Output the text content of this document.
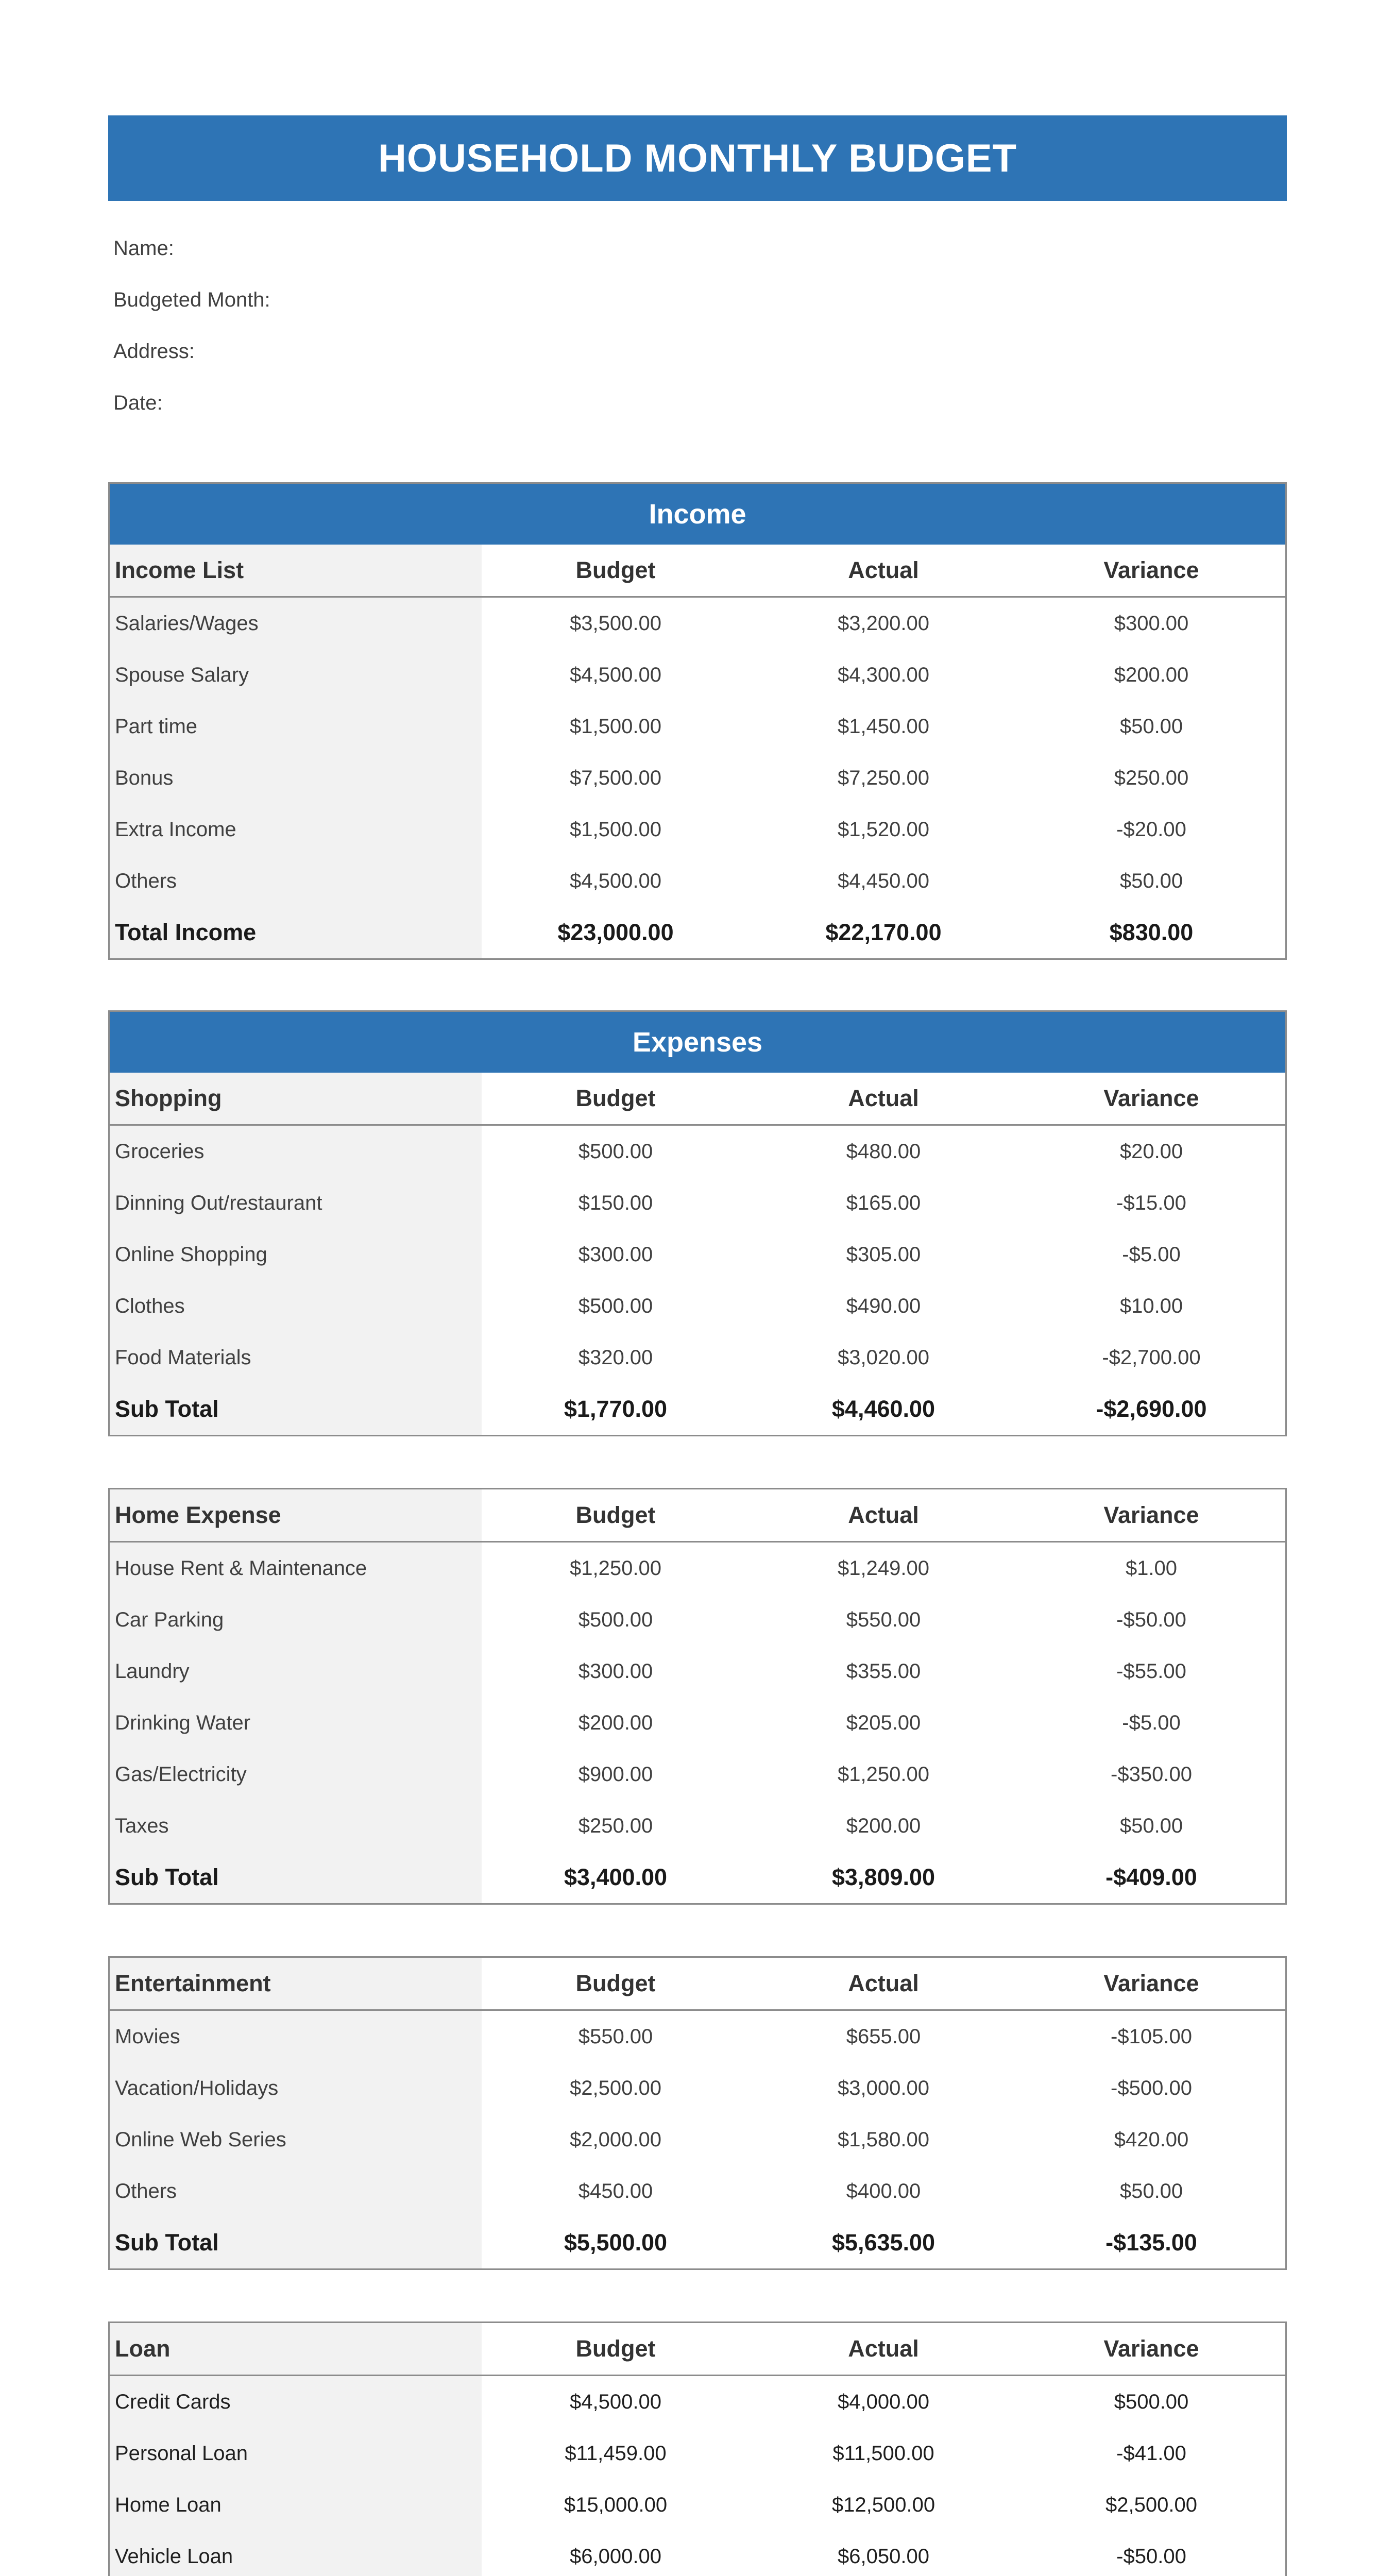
HOUSEHOLD MONTHLY BUDGET
Name:
Budgeted Month:
Address:
Date:
Income
Income List	Budget	Actual	Variance
Salaries/Wages	$3,500.00	$3,200.00	$300.00
Spouse Salary	$4,500.00	$4,300.00	$200.00
Part time	$1,500.00	$1,450.00	$50.00
Bonus	$7,500.00	$7,250.00	$250.00
Extra Income	$1,500.00	$1,520.00	-$20.00
Others	$4,500.00	$4,450.00	$50.00
Total Income	$23,000.00	$22,170.00	$830.00
Expenses
Shopping	Budget	Actual	Variance
Groceries	$500.00	$480.00	$20.00
Dinning Out/restaurant	$150.00	$165.00	-$15.00
Online Shopping	$300.00	$305.00	-$5.00
Clothes	$500.00	$490.00	$10.00
Food Materials	$320.00	$3,020.00	-$2,700.00
Sub Total	$1,770.00	$4,460.00	-$2,690.00
Home Expense	Budget	Actual	Variance
House Rent & Maintenance	$1,250.00	$1,249.00	$1.00
Car Parking	$500.00	$550.00	-$50.00
Laundry	$300.00	$355.00	-$55.00
Drinking Water	$200.00	$205.00	-$5.00
Gas/Electricity	$900.00	$1,250.00	-$350.00
Taxes	$250.00	$200.00	$50.00
Sub Total	$3,400.00	$3,809.00	-$409.00
Entertainment	Budget	Actual	Variance
Movies	$550.00	$655.00	-$105.00
Vacation/Holidays	$2,500.00	$3,000.00	-$500.00
Online Web Series	$2,000.00	$1,580.00	$420.00
Others	$450.00	$400.00	$50.00
Sub Total	$5,500.00	$5,635.00	-$135.00
Loan	Budget	Actual	Variance
Credit Cards	$4,500.00	$4,000.00	$500.00
Personal Loan	$11,459.00	$11,500.00	-$41.00
Home Loan	$15,000.00	$12,500.00	$2,500.00
Vehicle Loan	$6,000.00	$6,050.00	-$50.00
